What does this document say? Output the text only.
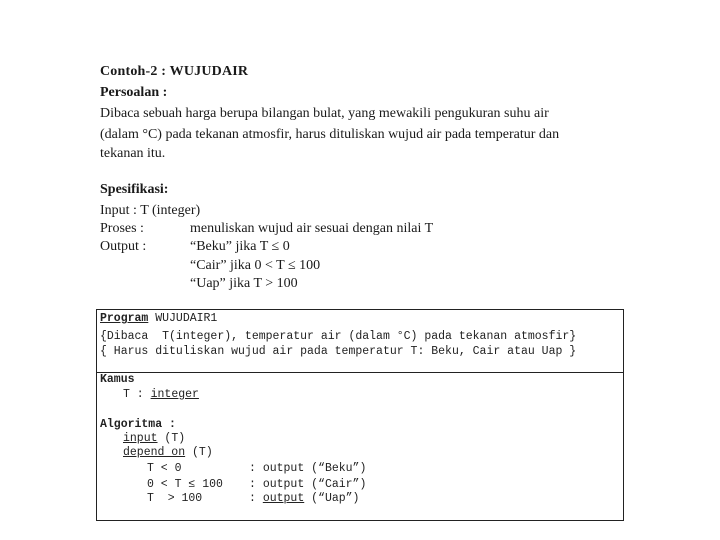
Contoh-2 : WUJUDAIR
Persoalan :
Dibaca sebuah harga berupa bilangan bulat, yang mewakili pengukuran suhu air
(dalam °C) pada tekanan atmosfir, harus dituliskan wujud air pada temperatur dan
tekanan itu.
Spesifikasi:
Input : T (integer)
Proses :	menuliskan wujud air sesuai dengan nilai T
Output :	“Beku” jika T ≤ 0
“Cair” jika 0 < T ≤ 100
“Uap” jika T > 100
Program WUJUDAIR1
{Dibaca  T(integer), temperatur air (dalam °C) pada tekanan atmosfir}
{ Harus dituliskan wujud air pada temperatur T: Beku, Cair atau Uap }
Kamus
T : integer
Algoritma :
input (T)
depend on (T)
T < 0	: output (“Beku”)
0 < T ≤ 100 : output (“Cair”)
T  > 100	: output (“Uap”)
